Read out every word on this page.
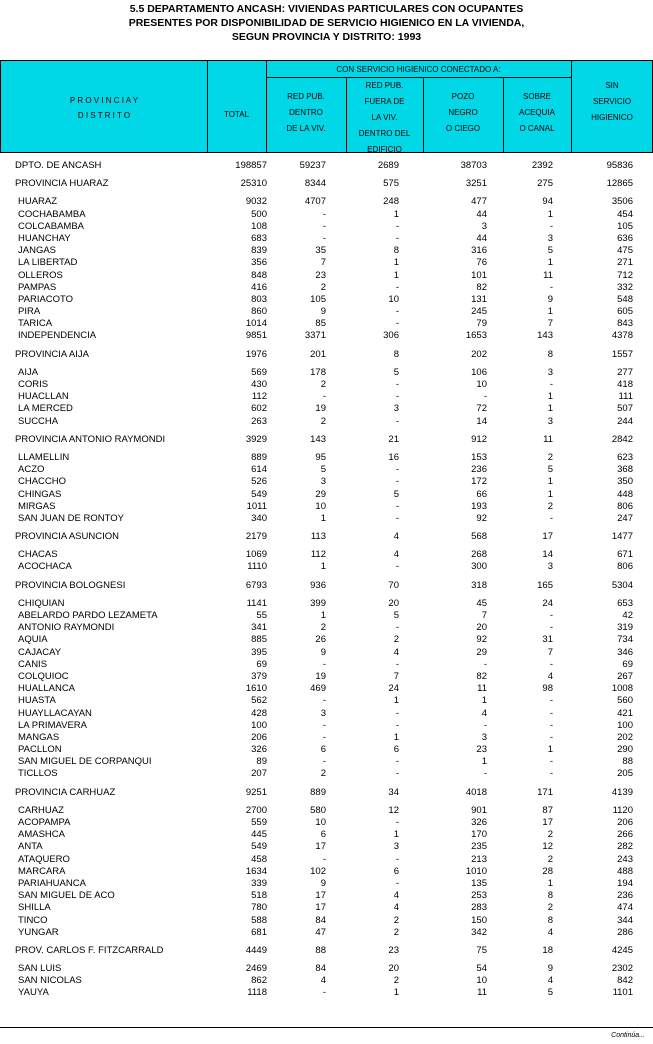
5.5 DEPARTAMENTO ANCASH: VIVIENDAS PARTICULARES CON OCUPANTES
PRESENTES POR DISPONIBILIDAD DE SERVICIO HIGIENICO EN LA VIVIENDA,
SEGUN PROVINCIA Y DISTRITO: 1993
P R O V I N C I A Y
D I S T R I T O	TOTAL
CON SERVICIO HIGIENICO CONECTADO A:
RED PUB.
DENTRO
DE LA VIV.
RED PUB.
FUERA DE
LA VIV.
DENTRO DEL
EDIFICIO
POZO
NEGRO
O CIEGO
SOBRE
ACEQUIA
O CANAL
SIN
SERVICIO
HIGIENICO
DPTO. DE ANCASH	198857	59237	2689	38703	2392	95836
PROVINCIA HUARAZ	25310	8344	575	3251	275	12865
HUARAZ	9032	4707	248	477	94	3506
COCHABAMBA	500	-	1	44	1	454
COLCABAMBA	108	-	-	3	-	105
HUANCHAY	683	-	-	44	3	636
JANGAS	839	35	8	316	5	475
LA LIBERTAD	356	7	1	76	1	271
OLLEROS	848	23	1	101	11	712
PAMPAS	416	2	-	82	-	332
PARIACOTO	803	105	10	131	9	548
PIRA	860	9	-	245	1	605
TARICA	1014	85	-	79	7	843
INDEPENDENCIA	9851	3371	306	1653	143	4378
PROVINCIA AIJA	1976	201	8	202	8	1557
AIJA	569	178	5	106	3	277
CORIS	430	2	-	10	-	418
HUACLLAN	112	-	-	-	1	111
LA MERCED	602	19	3	72	1	507
SUCCHA	263	2	-	14	3	244
PROVINCIA ANTONIO RAYMONDI	3929	143	21	912	11	2842
LLAMELLIN	889	95	16	153	2	623
ACZO	614	5	-	236	5	368
CHACCHO	526	3	-	172	1	350
CHINGAS	549	29	5	66	1	448
MIRGAS	1011	10	-	193	2	806
SAN JUAN DE RONTOY	340	1	-	92	-	247
PROVINCIA ASUNCION	2179	113	4	568	17	1477
CHACAS	1069	112	4	268	14	671
ACOCHACA	1110	1	-	300	3	806
PROVINCIA BOLOGNESI	6793	936	70	318	165	5304
CHIQUIAN	1141	399	20	45	24	653
ABELARDO PARDO LEZAMETA	55	1	5	7	-	42
ANTONIO RAYMONDI	341	2	-	20	-	319
AQUIA	885	26	2	92	31	734
CAJACAY	395	9	4	29	7	346
CANIS	69	-	-	-	-	69
COLQUIOC	379	19	7	82	4	267
HUALLANCA	1610	469	24	11	98	1008
HUASTA	562	-	1	1	-	560
HUAYLLACAYAN	428	3	-	4	-	421
LA PRIMAVERA	100	-	-	-	-	100
MANGAS	206	-	1	3	-	202
PACLLON	326	6	6	23	1	290
SAN MIGUEL DE CORPANQUI	89	-	-	1	-	88
TICLLOS	207	2	-	-	-	205
PROVINCIA CARHUAZ	9251	889	34	4018	171	4139
CARHUAZ	2700	580	12	901	87	1120
ACOPAMPA	559	10	-	326	17	206
AMASHCA	445	6	1	170	2	266
ANTA	549	17	3	235	12	282
ATAQUERO	458	-	-	213	2	243
MARCARA	1634	102	6	1010	28	488
PARIAHUANCA	339	9	-	135	1	194
SAN MIGUEL DE ACO	518	17	4	253	8	236
SHILLA	780	17	4	283	2	474
TINCO	588	84	2	150	8	344
YUNGAR	681	47	2	342	4	286
PROV. CARLOS F. FITZCARRALD	4449	88	23	75	18	4245
SAN LUIS	2469	84	20	54	9	2302
SAN NICOLAS	862	4	2	10	4	842
YAUYA	1118	-	1	11	5	1101
Continúa...
